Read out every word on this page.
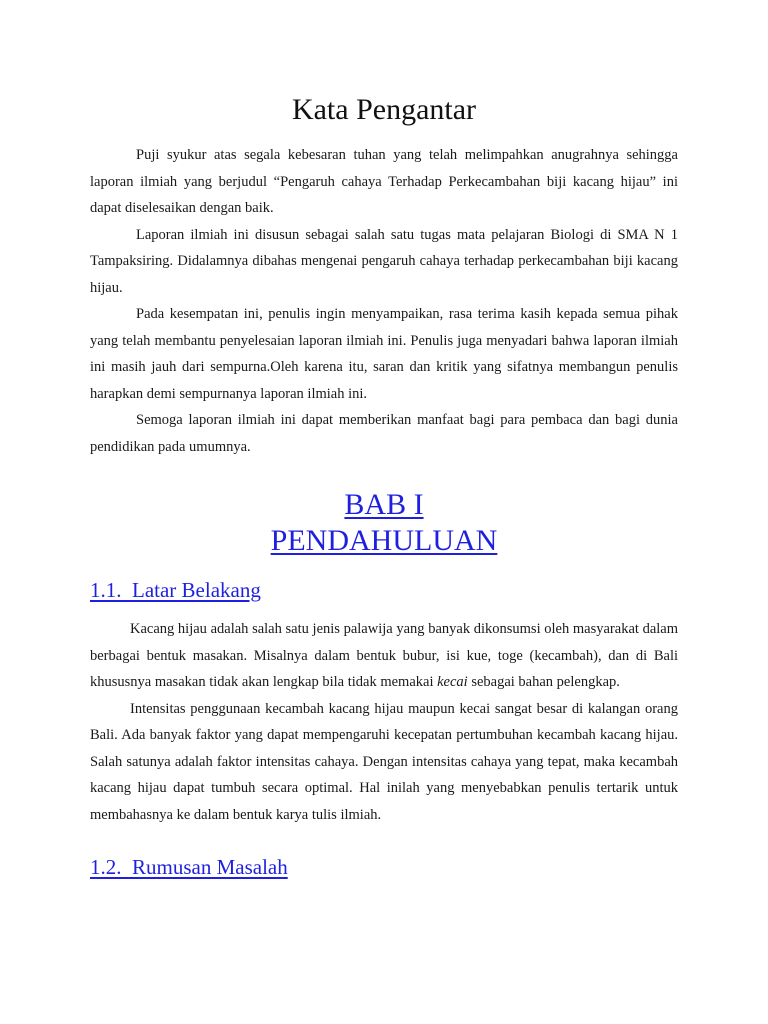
Kata Pengantar

Puji syukur atas segala kebesaran tuhan yang telah melimpahkan anugrahnya sehingga laporan ilmiah yang berjudul “Pengaruh cahaya Terhadap Perkecambahan biji kacang hijau” ini dapat diselesaikan dengan baik.

Laporan ilmiah ini disusun sebagai salah satu tugas mata pelajaran Biologi di SMA N 1 Tampaksiring. Didalamnya dibahas mengenai pengaruh cahaya terhadap perkecambahan biji kacang hijau.

Pada kesempatan ini, penulis ingin menyampaikan, rasa terima kasih kepada semua pihak yang telah membantu penyelesaian laporan ilmiah ini. Penulis juga menyadari bahwa laporan ilmiah ini masih jauh dari sempurna.Oleh karena itu, saran dan kritik yang sifatnya membangun penulis harapkan demi sempurnanya laporan ilmiah ini.

Semoga laporan ilmiah ini dapat memberikan manfaat bagi para pembaca dan bagi dunia pendidikan pada umumnya.

BAB I
PENDAHULUAN
1.1.  Latar Belakang

Kacang hijau adalah salah satu jenis palawija yang banyak dikonsumsi oleh masyarakat dalam berbagai bentuk masakan. Misalnya dalam bentuk bubur, isi kue, toge (kecambah), dan di Bali khususnya masakan tidak akan lengkap bila tidak memakai kecai sebagai bahan pelengkap.

Intensitas penggunaan kecambah kacang hijau maupun kecai sangat besar di kalangan orang Bali. Ada banyak faktor yang dapat mempengaruhi kecepatan pertumbuhan kecambah kacang hijau. Salah satunya adalah faktor intensitas cahaya. Dengan intensitas cahaya yang tepat, maka kecambah kacang hijau dapat tumbuh secara optimal. Hal inilah yang menyebabkan penulis tertarik untuk membahasnya ke dalam bentuk karya tulis ilmiah.

1.2.  Rumusan Masalah
